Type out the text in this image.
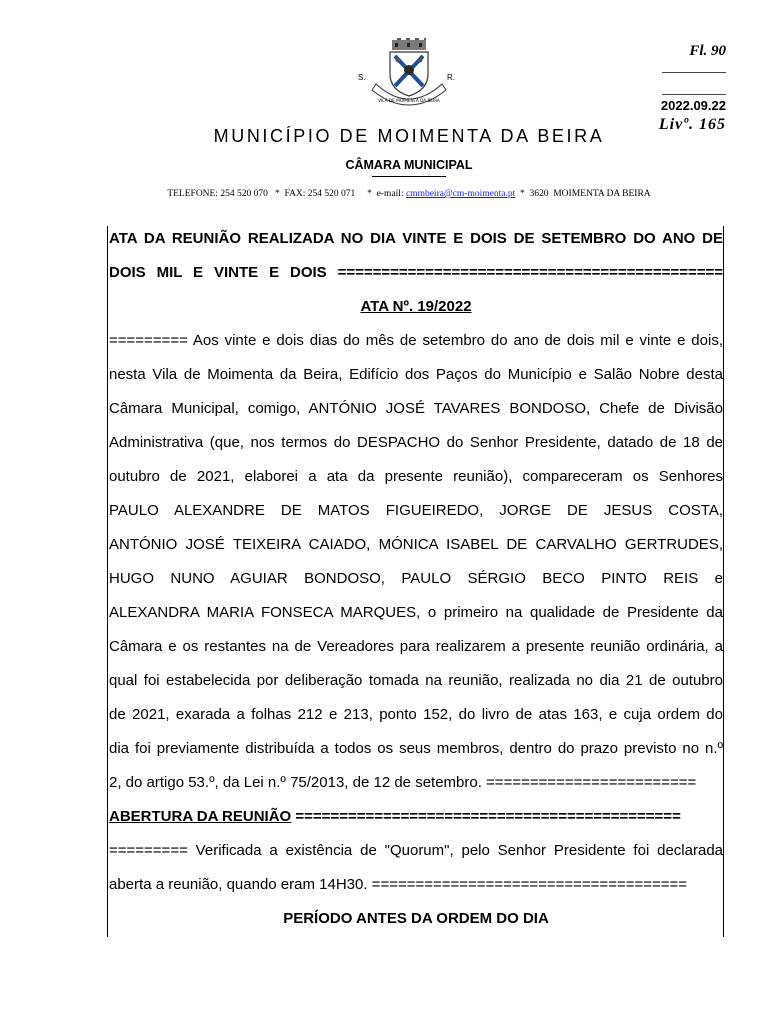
VILA DE MOIMENTA DA BEIRA
S.	R.
MUNICÍPIO DE MOIMENTA DA BEIRA
CÂMARA MUNICIPAL
TELEFONE: 254 520 070   *  FAX: 254 520 071     *  e-mail: cmmbeira@cm-moimenta.pt  *  3620  MOIMENTA DA BEIRA
Fl. 90
2022.09.22
Livº. 165
ATA DA REUNIÃO REALIZADA NO DIA VINTE E DOIS DE SETEMBRO DO ANO DE
DOIS MIL E VINTE E DOIS ============================================
ATA Nº. 19/2022
========= Aos vinte e dois dias do mês de setembro do ano de dois mil e vinte e dois,
nesta Vila de Moimenta da Beira, Edifício dos Paços do Município e Salão Nobre desta
Câmara Municipal, comigo, ANTÓNIO JOSÉ TAVARES BONDOSO, Chefe de Divisão
Administrativa (que, nos termos do DESPACHO do Senhor Presidente, datado de 18 de
outubro de 2021, elaborei a ata da presente reunião), compareceram os Senhores
PAULO ALEXANDRE DE MATOS FIGUEIREDO, JORGE DE JESUS COSTA,
ANTÓNIO JOSÉ TEIXEIRA CAIADO, MÓNICA ISABEL DE CARVALHO GERTRUDES,
HUGO NUNO AGUIAR BONDOSO, PAULO SÉRGIO BECO PINTO REIS e
ALEXANDRA MARIA FONSECA MARQUES, o primeiro na qualidade de Presidente da
Câmara e os restantes na de Vereadores para realizarem a presente reunião ordinária, a
qual foi estabelecida por deliberação tomada na reunião, realizada no dia 21 de outubro
de 2021, exarada a folhas 212 e 213, ponto 152, do livro de atas 163, e cuja ordem do
dia foi previamente distribuída a todos os seus membros, dentro do prazo previsto no n.º
2, do artigo 53.º, da Lei n.º 75/2013, de 12 de setembro. ========================
ABERTURA DA REUNIÃO ============================================
========= Verificada a existência de "Quorum", pelo Senhor Presidente foi declarada
aberta a reunião, quando eram 14H30. ====================================
PERÍODO ANTES DA ORDEM DO DIA
